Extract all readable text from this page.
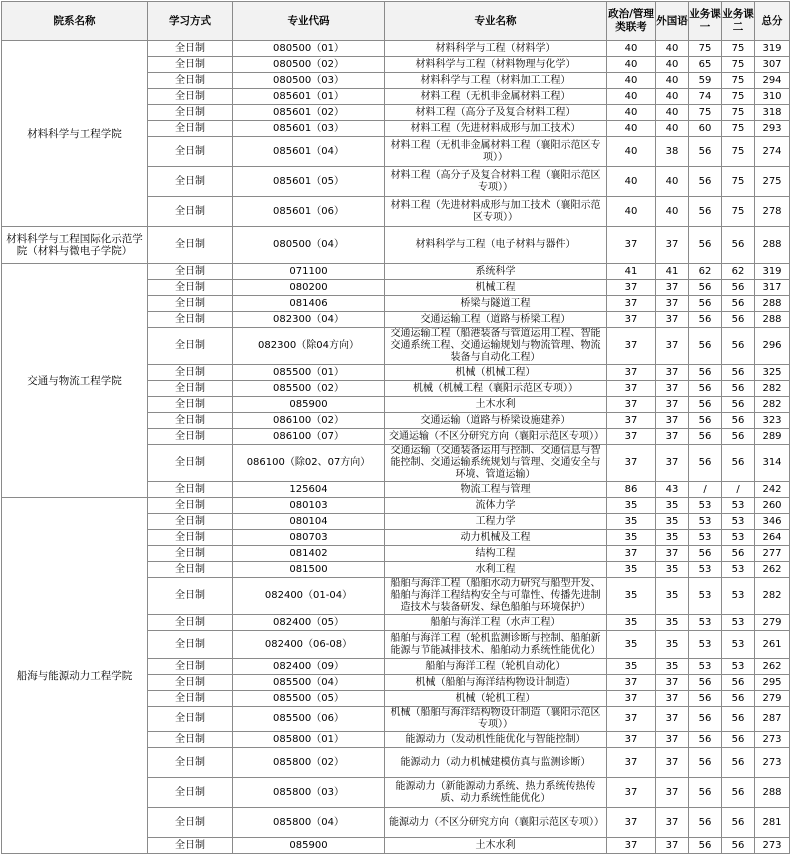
院系名称	学习方式	专业代码	专业名称	政治/管理类联考	外国语	业务课一	业务课二	总分
材料科学与工程学院	全日制	080500（01）	材料科学与工程（材料学）	40	40	75	75	319
	全日制	080500（02）	材料科学与工程（材料物理与化学）	40	40	65	75	307
	全日制	080500（03）	材料科学与工程（材料加工工程）	40	40	59	75	294
	全日制	085601（01）	材料工程（无机非金属材料工程）	40	40	74	75	310
	全日制	085601（02）	材料工程（高分子及复合材料工程）	40	40	75	75	318
	全日制	085601（03）	材料工程（先进材料成形与加工技术）	40	40	60	75	293
	全日制	085601（04）	材料工程（无机非金属材料工程（襄阳示范区专项））	40	38	56	75	274
	全日制	085601（05）	材料工程（高分子及复合材料工程（襄阳示范区专项））	40	40	56	75	275
	全日制	085601（06）	材料工程（先进材料成形与加工技术（襄阳示范区专项））	40	40	56	75	278
材料科学与工程国际化示范学院（材料与微电子学院）	全日制	080500（04）	材料科学与工程（电子材料与器件）	37	37	56	56	288
交通与物流工程学院	全日制	071100	系统科学	41	41	62	62	319
	全日制	080200	机械工程	37	37	56	56	317
	全日制	081406	桥梁与隧道工程	37	37	56	56	288
	全日制	082300（04）	交通运输工程（道路与桥梁工程）	37	37	56	56	288
	全日制	082300（除04方向）	交通运输工程（船港装备与管道运用工程、智能交通系统工程、交通运输规划与物流管理、物流装备与自动化工程）	37	37	56	56	296
	全日制	085500（01）	机械（机械工程）	37	37	56	56	325
	全日制	085500（02）	机械（机械工程（襄阳示范区专项））	37	37	56	56	282
	全日制	085900	土木水利	37	37	56	56	282
	全日制	086100（02）	交通运输（道路与桥梁设施建养）	37	37	56	56	323
	全日制	086100（07）	交通运输（不区分研究方向（襄阳示范区专项））	37	37	56	56	289
	全日制	086100（除02、07方向）	交通运输（交通装备运用与控制、交通信息与智能控制、交通运输系统规划与管理、交通安全与环境、管道运输）	37	37	56	56	314
	全日制	125604	物流工程与管理	86	43	/	/	242
船海与能源动力工程学院	全日制	080103	流体力学	35	35	53	53	260
	全日制	080104	工程力学	35	35	53	53	346
	全日制	080703	动力机械及工程	35	35	53	53	264
	全日制	081402	结构工程	37	37	56	56	277
	全日制	081500	水利工程	35	35	53	53	262
	全日制	082400（01-04）	船舶与海洋工程（船舶水动力研究与船型开发、船舶与海洋工程结构安全与可靠性、传播先进制造技术与装备研发、绿色船舶与环境保护）	35	35	53	53	282
	全日制	082400（05）	船舶与海洋工程（水声工程）	35	35	53	53	279
	全日制	082400（06-08）	船舶与海洋工程（轮机监测诊断与控制、船舶新能源与节能减排技术、船舶动力系统性能优化）	35	35	53	53	261
	全日制	082400（09）	船舶与海洋工程（轮机自动化）	35	35	53	53	262
	全日制	085500（04）	机械（船舶与海洋结构物设计制造）	37	37	56	56	295
	全日制	085500（05）	机械（轮机工程）	37	37	56	56	279
	全日制	085500（06）	机械（船舶与海洋结构物设计制造（襄阳示范区专项））	37	37	56	56	287
	全日制	085800（01）	能源动力（发动机性能优化与智能控制）	37	37	56	56	273
	全日制	085800（02）	能源动力（动力机械建模仿真与监测诊断）	37	37	56	56	273
	全日制	085800（03）	能源动力（新能源动力系统、热力系统传热传质、动力系统性能优化）	37	37	56	56	288
	全日制	085800（04）	能源动力（不区分研究方向（襄阳示范区专项））	37	37	56	56	281
	全日制	085900	土木水利	37	37	56	56	273
